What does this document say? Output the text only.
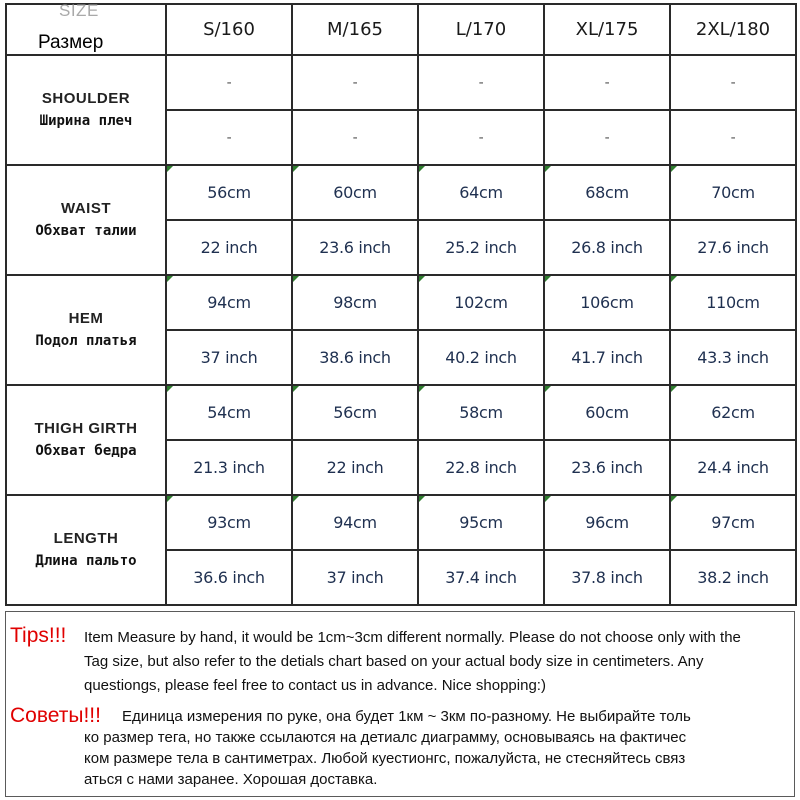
SIZE
Размер	S/160	M/165	L/170	XL/175	2XL/180

SHOULDER
Ширина плеч	-	-	-	-	-
	-	-	-	-	-

WAIST
Обхват талии	56cm	60cm	64cm	68cm	70cm
	22 inch	23.6 inch	25.2 inch	26.8 inch	27.6 inch

HEM
Подол платья	94cm	98cm	102cm	106cm	110cm
	37 inch	38.6 inch	40.2 inch	41.7 inch	43.3 inch

THIGH GIRTH
Обхват бедра	54cm	56cm	58cm	60cm	62cm
	21.3 inch	22 inch	22.8 inch	23.6 inch	24.4 inch

LENGTH
Длина пальто	93cm	94cm	95cm	96cm	97cm
	36.6 inch	37 inch	37.4 inch	37.8 inch	38.2 inch
Tips!!! Item Measure by hand, it would be 1cm~3cm different normally. Please do not choose only with the
Tag size, but also refer to the detials chart based on your actual body size in centimeters. Any
questiongs, please feel free to contact us in advance. Nice shopping:)
Советы!!! Единица измерения по руке, она будет 1км ~ 3км по-разному. Не выбирайте толь
ко размер тега, но также ссылаются на детиалс диаграмму, основываясь на фактичес
ком размере тела в сантиметрах. Любой куестионгс, пожалуйста, не стесняйтесь связ
аться с нами заранее. Хорошая доставка.
